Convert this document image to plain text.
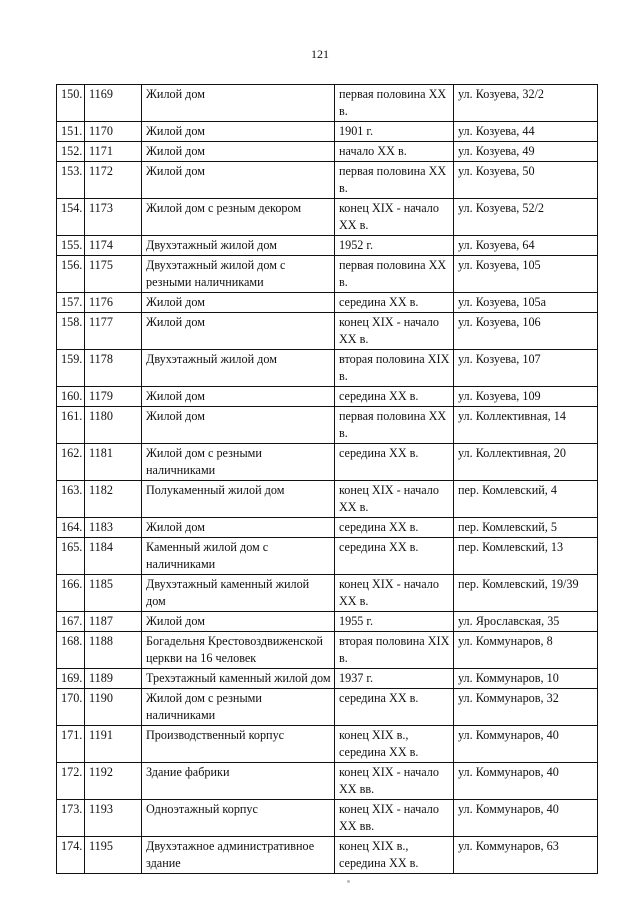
121
150.	1169	Жилой дом	первая половина XX в.	ул. Козуева, 32/2
151.	1170	Жилой дом	1901 г.	ул. Козуева, 44
152.	1171	Жилой дом	начало XX в.	ул. Козуева, 49
153.	1172	Жилой дом	первая половина XX в.	ул. Козуева, 50
154.	1173	Жилой дом с резным декором	конец XIX - начало XX в.	ул. Козуева, 52/2
155.	1174	Двухэтажный жилой дом	1952 г.	ул. Козуева, 64
156.	1175	Двухэтажный жилой дом с резными наличниками	первая половина XX в.	ул. Козуева, 105
157.	1176	Жилой дом	середина XX в.	ул. Козуева, 105а
158.	1177	Жилой дом	конец XIX - начало XX в.	ул. Козуева, 106
159.	1178	Двухэтажный жилой дом	вторая половина XIX в.	ул. Козуева, 107
160.	1179	Жилой дом	середина XX в.	ул. Козуева, 109
161.	1180	Жилой дом	первая половина XX в.	ул. Коллективная, 14
162.	1181	Жилой дом с резными наличниками	середина XX в.	ул. Коллективная, 20
163.	1182	Полукаменный жилой дом	конец XIX - начало XX в.	пер. Комлевский, 4
164.	1183	Жилой дом	середина XX в.	пер. Комлевский, 5
165.	1184	Каменный жилой дом с наличниками	середина XX в.	пер. Комлевский, 13
166.	1185	Двухэтажный каменный жилой дом	конец XIX - начало XX в.	пер. Комлевский, 19/39
167.	1187	Жилой дом	1955 г.	ул. Ярославская, 35
168.	1188	Богадельня Крестовоздвиженской церкви на 16 человек	вторая половина XIX в.	ул. Коммунаров, 8
169.	1189	Трехэтажный каменный жилой дом	1937 г.	ул. Коммунаров, 10
170.	1190	Жилой дом с резными наличниками	середина XX в.	ул. Коммунаров, 32
171.	1191	Производственный корпус	конец XIX в., середина XX в.	ул. Коммунаров, 40
172.	1192	Здание фабрики	конец XIX - начало XX вв.	ул. Коммунаров, 40
173.	1193	Одноэтажный корпус	конец XIX - начало XX вв.	ул. Коммунаров, 40
174.	1195	Двухэтажное административное здание	конец XIX в., середина XX в.	ул. Коммунаров, 63
